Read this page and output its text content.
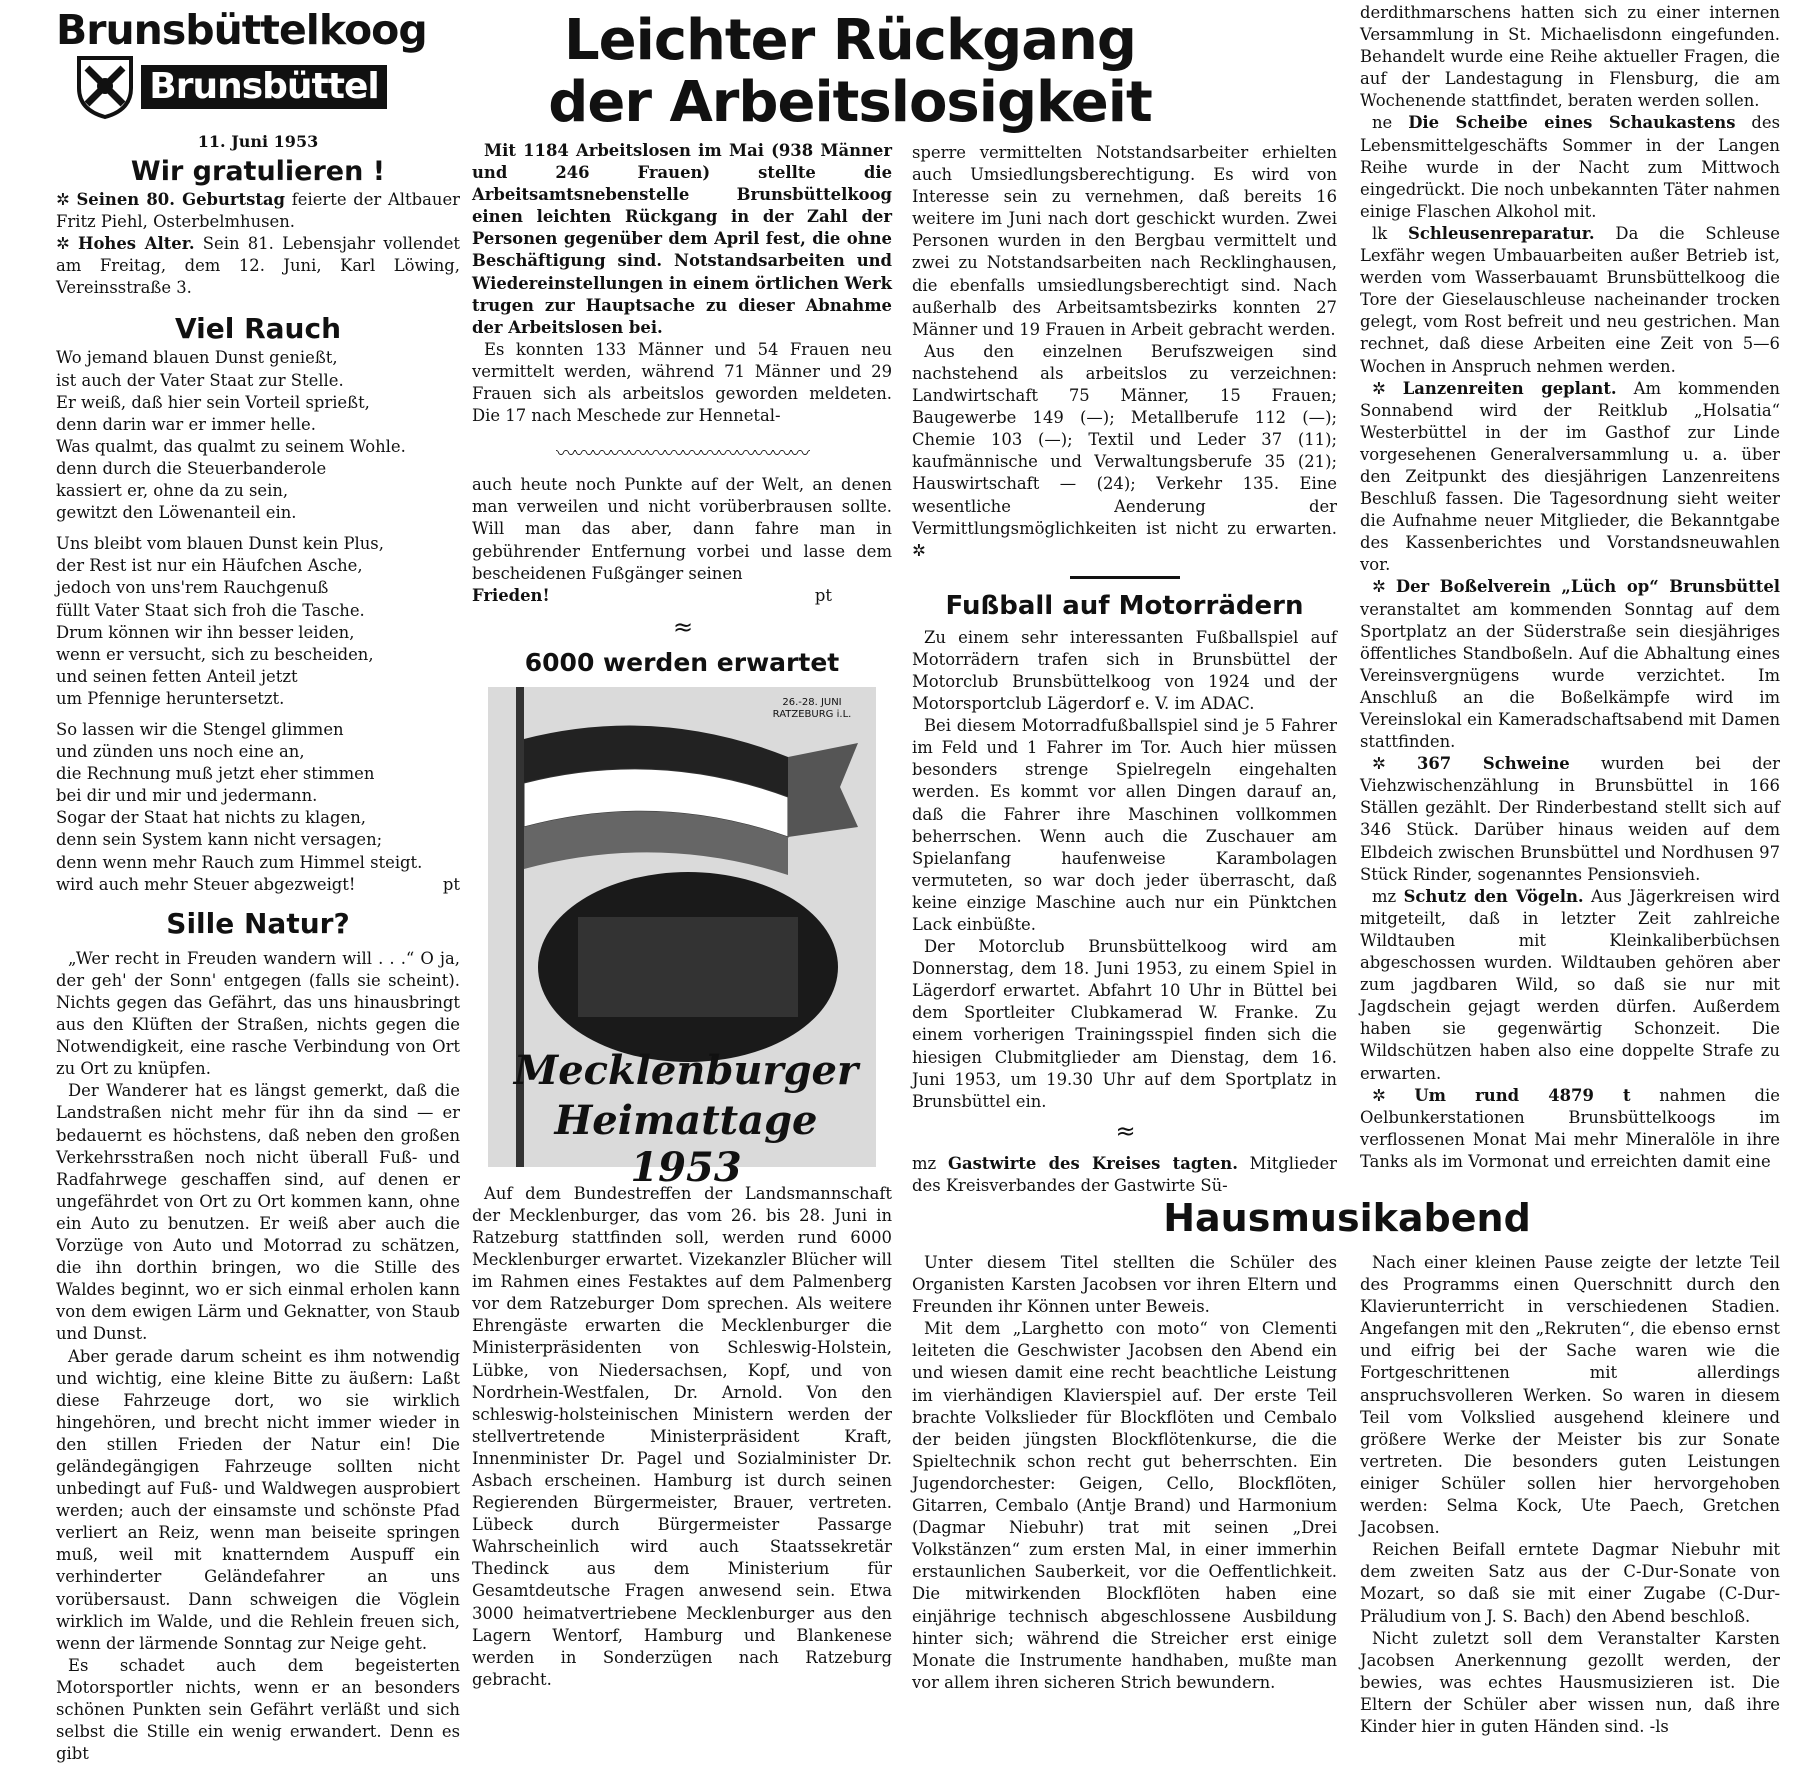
Brunsbüttelkoog
Brunsbüttel
11. Juni 1953
Wir gratulieren !

✲ Seinen 80. Geburtstag feierte der Altbauer Fritz Piehl, Osterbelmhusen.

✲ Hohes Alter. Sein 81. Lebensjahr vollendet am Freitag, dem 12. Juni, Karl Löwing, Vereinsstraße 3.

Viel Rauch
Wo jemand blauen Dunst genießt,
ist auch der Vater Staat zur Stelle.
Er weiß, daß hier sein Vorteil sprießt,
denn darin war er immer helle.
Was qualmt, das qualmt zu seinem Wohle.
denn durch die Steuerbanderole
kassiert er, ohne da zu sein,
gewitzt den Löwenanteil ein.
Uns bleibt vom blauen Dunst kein Plus,
der Rest ist nur ein Häufchen Asche,
jedoch von uns'rem Rauchgenuß
füllt Vater Staat sich froh die Tasche.
Drum können wir ihn besser leiden,
wenn er versucht, sich zu bescheiden,
und seinen fetten Anteil jetzt
um Pfennige heruntersetzt.
So lassen wir die Stengel glimmen
und zünden uns noch eine an,
die Rechnung muß jetzt eher stimmen
bei dir und mir und jedermann.
Sogar der Staat hat nichts zu klagen,
denn sein System kann nicht versagen;
denn wenn mehr Rauch zum Himmel steigt.
wird auch mehr Steuer abgezweigt!	pt
Sille Natur?

„Wer recht in Freuden wandern will . . .“ O ja, der geh' der Sonn' entgegen (falls sie scheint). Nichts gegen das Gefährt, das uns hinausbringt aus den Klüften der Straßen, nichts gegen die Notwendigkeit, eine rasche Verbindung von Ort zu Ort zu knüpfen.

Der Wanderer hat es längst gemerkt, daß die Landstraßen nicht mehr für ihn da sind — er bedauernt es höchstens, daß neben den großen Verkehrsstraßen noch nicht überall Fuß- und Radfahrwege geschaffen sind, auf denen er ungefährdet von Ort zu Ort kommen kann, ohne ein Auto zu benutzen. Er weiß aber auch die Vorzüge von Auto und Motorrad zu schätzen, die ihn dorthin bringen, wo die Stille des Waldes beginnt, wo er sich einmal erholen kann von dem ewigen Lärm und Geknatter, von Staub und Dunst.

Aber gerade darum scheint es ihm notwendig und wichtig, eine kleine Bitte zu äußern: Laßt diese Fahrzeuge dort, wo sie wirklich hingehören, und brecht nicht immer wieder in den stillen Frieden der Natur ein! Die geländegängigen Fahrzeuge sollten nicht unbedingt auf Fuß- und Waldwegen ausprobiert werden; auch der einsamste und schönste Pfad verliert an Reiz, wenn man beiseite springen muß, weil mit knatterndem Auspuff ein verhinderter Geländefahrer an uns vorübersaust. Dann schweigen die Vöglein wirklich im Walde, und die Rehlein freuen sich, wenn der lärmende Sonntag zur Neige geht.

Es schadet auch dem begeisterten Motorsportler nichts, wenn er an besonders schönen Punkten sein Gefährt verläßt und sich selbst die Stille ein wenig erwandert. Denn es gibt

Leichter Rückgang
der Arbeitslosigkeit

Mit 1184 Arbeitslosen im Mai (938 Männer und 246 Frauen) stellte die Arbeitsamtsnebenstelle Brunsbüttelkoog einen leichten Rückgang in der Zahl der Personen gegenüber dem April fest, die ohne Beschäftigung sind. Notstandsarbeiten und Wiedereinstellungen in einem örtlichen Werk trugen zur Hauptsache zu dieser Abnahme der Arbeitslosen bei.

Es konnten 133 Männer und 54 Frauen neu vermittelt werden, während 71 Männer und 29 Frauen sich als arbeitslos geworden meldeten. Die 17 nach Meschede zur Hennetal-

〰〰〰〰〰〰〰〰〰〰〰〰〰〰

auch heute noch Punkte auf der Welt, an denen man verweilen und nicht vorüberbrausen sollte. Will man das aber, dann fahre man in gebührender Entfernung vorbei und lasse dem bescheidenen Fußgänger seinen

Frieden!	pt

≈
6000 werden erwartet
26.-28. JUNI RATZEBURG i.L.
Mecklenburger
Heimattage 1953

Auf dem Bundestreffen der Landsmannschaft der Mecklenburger, das vom 26. bis 28. Juni in Ratzeburg stattfinden soll, werden rund 6000 Mecklenburger erwartet. Vizekanzler Blücher will im Rahmen eines Festaktes auf dem Palmenberg vor dem Ratzeburger Dom sprechen. Als weitere Ehrengäste erwarten die Mecklenburger die Ministerpräsidenten von Schleswig-Holstein, Lübke, von Niedersachsen, Kopf, und von Nordrhein-Westfalen, Dr. Arnold. Von den schleswig-holsteinischen Ministern werden der stellvertretende Ministerpräsident Kraft, Innenminister Dr. Pagel und Sozialminister Dr. Asbach erscheinen. Hamburg ist durch seinen Regierenden Bürgermeister, Brauer, vertreten. Lübeck durch Bürgermeister Passarge Wahrscheinlich wird auch Staatssekretär Thedinck aus dem Ministerium für Gesamtdeutsche Fragen anwesend sein. Etwa 3000 heimatvertriebene Mecklenburger aus den Lagern Wentorf, Hamburg und Blankenese werden in Sonderzügen nach Ratzeburg gebracht.

sperre vermittelten Notstandsarbeiter erhielten auch Umsiedlungsberechtigung. Es wird von Interesse sein zu vernehmen, daß bereits 16 weitere im Juni nach dort geschickt wurden. Zwei Personen wurden in den Bergbau vermittelt und zwei zu Notstandsarbeiten nach Recklinghausen, die ebenfalls umsiedlungsberechtigt sind. Nach außerhalb des Arbeitsamtsbezirks konnten 27 Männer und 19 Frauen in Arbeit gebracht werden.

Aus den einzelnen Berufszweigen sind nachstehend als arbeitslos zu verzeichnen: Landwirtschaft 75 Männer, 15 Frauen; Baugewerbe 149 (—); Metallberufe 112 (—); Chemie 103 (—); Textil und Leder 37 (11); kaufmännische und Verwaltungsberufe 35 (21); Hauswirtschaft — (24); Verkehr 135. Eine wesentliche Aenderung der Vermittlungsmöglichkeiten ist nicht zu erwarten. ✲

Fußball auf Motorrädern

Zu einem sehr interessanten Fußballspiel auf Motorrädern trafen sich in Brunsbüttel der Motorclub Brunsbüttelkoog von 1924 und der Motorsportclub Lägerdorf e. V. im ADAC.

Bei diesem Motorradfußballspiel sind je 5 Fahrer im Feld und 1 Fahrer im Tor. Auch hier müssen besonders strenge Spielregeln eingehalten werden. Es kommt vor allen Dingen darauf an, daß die Fahrer ihre Maschinen vollkommen beherrschen. Wenn auch die Zuschauer am Spielanfang haufenweise Karambolagen vermuteten, so war doch jeder überrascht, daß keine einzige Maschine auch nur ein Pünktchen Lack einbüßte.

Der Motorclub Brunsbüttelkoog wird am Donnerstag, dem 18. Juni 1953, zu einem Spiel in Lägerdorf erwartet. Abfahrt 10 Uhr in Büttel bei dem Sportleiter Clubkamerad W. Franke. Zu einem vorherigen Trainingsspiel finden sich die hiesigen Clubmitglieder am Dienstag, dem 16. Juni 1953, um 19.30 Uhr auf dem Sportplatz in Brunsbüttel ein.

≈

mz Gastwirte des Kreises tagten. Mitglieder des Kreisverbandes der Gastwirte Sü-

derdithmarschens hatten sich zu einer internen Versammlung in St. Michaelisdonn eingefunden. Behandelt wurde eine Reihe aktueller Fragen, die auf der Landestagung in Flensburg, die am Wochenende stattfindet, beraten werden sollen.

ne Die Scheibe eines Schaukastens des Lebensmittelgeschäfts Sommer in der Langen Reihe wurde in der Nacht zum Mittwoch eingedrückt. Die noch unbekannten Täter nahmen einige Flaschen Alkohol mit.

lk Schleusenreparatur. Da die Schleuse Lexfähr wegen Umbauarbeiten außer Betrieb ist, werden vom Wasserbauamt Brunsbüttelkoog die Tore der Gieselauschleuse nacheinander trocken gelegt, vom Rost befreit und neu gestrichen. Man rechnet, daß diese Arbeiten eine Zeit von 5—6 Wochen in Anspruch nehmen werden.

✲ Lanzenreiten geplant. Am kommenden Sonnabend wird der Reitklub „Holsatia“ Westerbüttel in der im Gasthof zur Linde vorgesehenen Generalversammlung u. a. über den Zeitpunkt des diesjährigen Lanzenreitens Beschluß fassen. Die Tagesordnung sieht weiter die Aufnahme neuer Mitglieder, die Bekanntgabe des Kassenberichtes und Vorstandsneuwahlen vor.

✲ Der Boßelverein „Lüch op“ Brunsbüttel veranstaltet am kommenden Sonntag auf dem Sportplatz an der Süderstraße sein diesjähriges öffentliches Standboßeln. Auf die Abhaltung eines Vereinsvergnügens wurde verzichtet. Im Anschluß an die Boßelkämpfe wird im Vereinslokal ein Kameradschaftsabend mit Damen stattfinden.

✲ 367 Schweine wurden bei der Viehzwischenzählung in Brunsbüttel in 166 Ställen gezählt. Der Rinderbestand stellt sich auf 346 Stück. Darüber hinaus weiden auf dem Elbdeich zwischen Brunsbüttel und Nordhusen 97 Stück Rinder, sogenanntes Pensionsvieh.

mz Schutz den Vögeln. Aus Jägerkreisen wird mitgeteilt, daß in letzter Zeit zahlreiche Wildtauben mit Kleinkaliberbüchsen abgeschossen wurden. Wildtauben gehören aber zum jagdbaren Wild, so daß sie nur mit Jagdschein gejagt werden dürfen. Außerdem haben sie gegenwärtig Schonzeit. Die Wildschützen haben also eine doppelte Strafe zu erwarten.

✲ Um rund 4879 t nahmen die Oelbunkerstationen Brunsbüttelkoogs im verflossenen Monat Mai mehr Mineralöle in ihre Tanks als im Vormonat und erreichten damit eine

Hausmusikabend

Unter diesem Titel stellten die Schüler des Organisten Karsten Jacobsen vor ihren Eltern und Freunden ihr Können unter Beweis.

Mit dem „Larghetto con moto“ von Clementi leiteten die Geschwister Jacobsen den Abend ein und wiesen damit eine recht beachtliche Leistung im vierhändigen Klavierspiel auf. Der erste Teil brachte Volkslieder für Blockflöten und Cembalo der beiden jüngsten Blockflötenkurse, die die Spieltechnik schon recht gut beherrschten. Ein Jugendorchester: Geigen, Cello, Blockflöten, Gitarren, Cembalo (Antje Brand) und Harmonium (Dagmar Niebuhr) trat mit seinen „Drei Volkstänzen“ zum ersten Mal, in einer immerhin erstaunlichen Sauberkeit, vor die Oeffentlichkeit. Die mitwirkenden Blockflöten haben eine einjährige technisch abgeschlossene Ausbildung hinter sich; während die Streicher erst einige Monate die Instrumente handhaben, mußte man vor allem ihren sicheren Strich bewundern.

Nach einer kleinen Pause zeigte der letzte Teil des Programms einen Querschnitt durch den Klavierunterricht in verschiedenen Stadien. Angefangen mit den „Rekruten“, die ebenso ernst und eifrig bei der Sache waren wie die Fortgeschrittenen mit allerdings anspruchsvolleren Werken. So waren in diesem Teil vom Volkslied ausgehend kleinere und größere Werke der Meister bis zur Sonate vertreten. Die besonders guten Leistungen einiger Schüler sollen hier hervorgehoben werden: Selma Kock, Ute Paech, Gretchen Jacobsen.

Reichen Beifall erntete Dagmar Niebuhr mit dem zweiten Satz aus der C-Dur-Sonate von Mozart, so daß sie mit einer Zugabe (C-Dur-Präludium von J. S. Bach) den Abend beschloß.

Nicht zuletzt soll dem Veranstalter Karsten Jacobsen Anerkennung gezollt werden, der bewies, was echtes Hausmusizieren ist. Die Eltern der Schüler aber wissen nun, daß ihre Kinder hier in guten Händen sind. -ls
